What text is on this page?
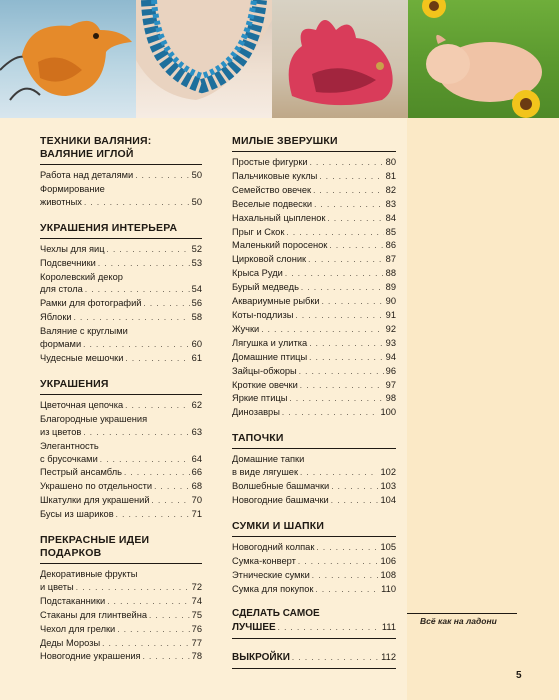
ТЕХНИКИ ВАЛЯНИЯ:
ВАЛЯНИЕ ИГЛОЙ
Работа над деталями . . .	50
Формирование
животных . . .	50
УКРАШЕНИЯ ИНТЕРЬЕРА
Чехлы для яиц . . .	52
Подсвечники . . .	53
Королевский декор
для стола . . .	54
Рамки для фотографий . . .	56
Яблоки . . .	58
Валяние с круглыми
формами . . .	60
Чудесные мешочки . . .	61
УКРАШЕНИЯ
Цветочная цепочка . . .	62
Благородные украшения
из цветов . . .	63
Элегантность
с брусочками . . .	64
Пестрый ансамбль . . .	66
Украшено по отдельности . . .	68
Шкатулки для украшений . . .	70
Бусы из шариков . . .	71
ПРЕКРАСНЫЕ ИДЕИ
ПОДАРКОВ
Декоративные фрукты
и цветы . . .	72
Подстаканники . . .	74
Стаканы для глинтвейна . . .	75
Чехол для грелки . . .	76
Деды Морозы . . .	77
Новогодние украшения . . .	78
МИЛЫЕ ЗВЕРУШКИ
Простые фигурки . . .	80
Пальчиковые куклы . . .	81
Семейство овечек . . .	82
Веселые подвески . . .	83
Нахальный цыпленок . . .	84
Прыг и Скок . . .	85
Маленький поросенок . . .	86
Цирковой слоник . . .	87
Крыса Руди . . .	88
Бурый медведь . . .	89
Аквариумные рыбки . . .	90
Коты-подлизы . . .	91
Жучки . . .	92
Лягушка и улитка . . .	93
Домашние птицы . . .	94
Зайцы-обжоры . . .	96
Кроткие овечки . . .	97
Яркие птицы . . .	98
Динозавры . . .	100
ТАПОЧКИ
Домашние тапки
в виде лягушек . . .	102
Волшебные башмачки . . .	103
Новогодние башмачки . . .	104
СУМКИ И ШАПКИ
Новогодний колпак . . .	105
Сумка-конверт . . .	106
Этнические сумки . . .	108
Сумка для покупок . . .	110
СДЕЛАТЬ САМОЕ
ЛУЧШЕЕ . . .	111
ВЫКРОЙКИ . . .	112
Всё как на ладони
5
